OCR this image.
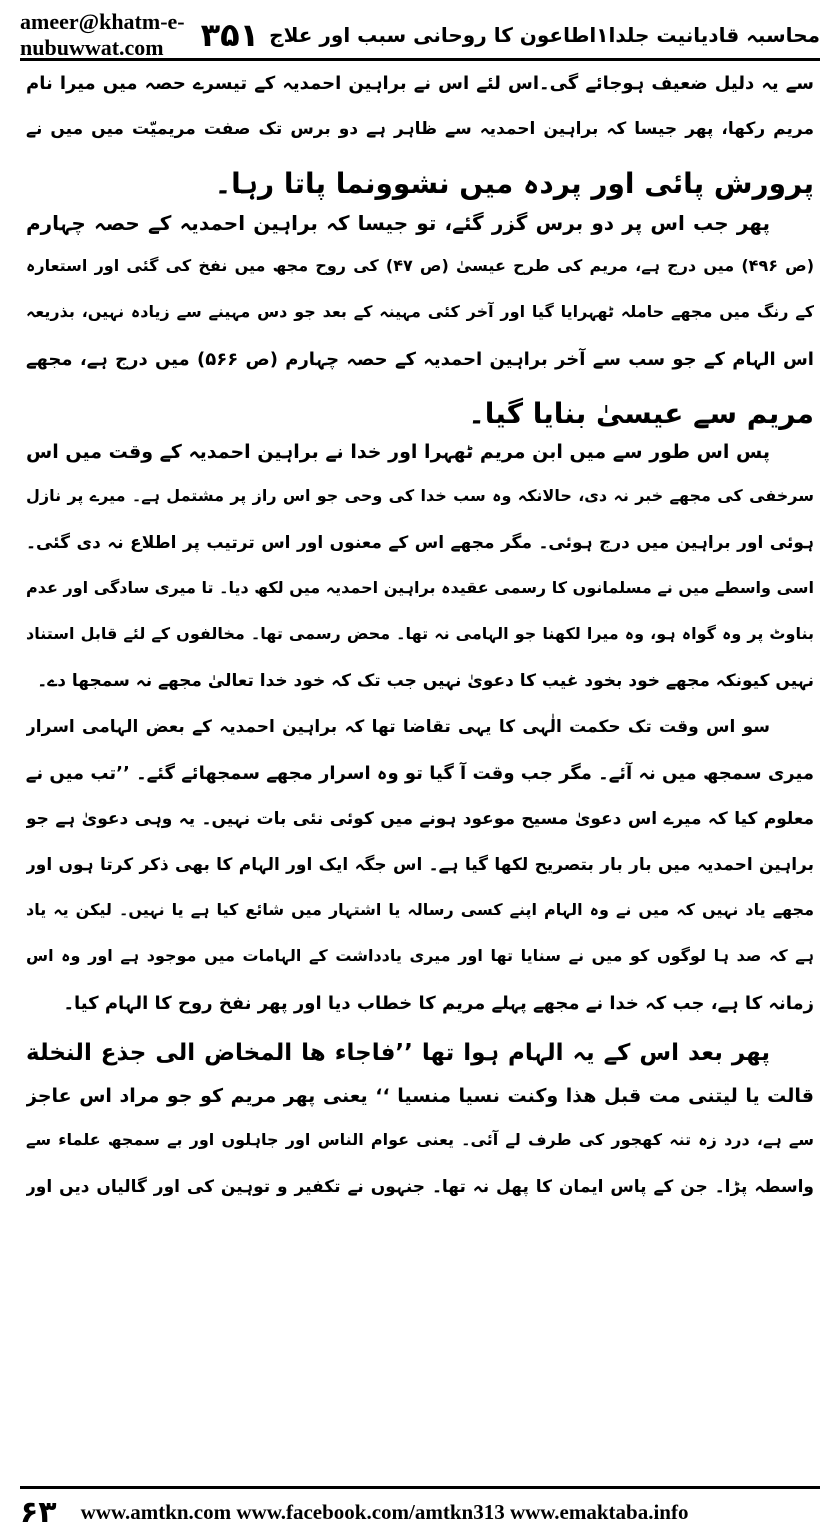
ameer@khatm-e-nubuwwat.com	محاسبہ قادیانیت جلدا۱اطاعون کا روحانی سبب اور علاج
۳۵۱
سے یہ دلیل ضعیف ہوجائے گی۔اس لئے اس نے براہین احمدیہ کے تیسرے حصہ میں میرا نام
مریم رکھا، پھر جیسا کہ براہین احمدیہ سے ظاہر ہے دو برس تک صفت مریمیّت میں میں نے
پرورش پائی اور پردہ میں نشوونما پاتا رہا۔
پھر جب اس پر دو برس گزر گئے، تو جیسا کہ براہین احمدیہ کے حصہ چہارم
(ص ۴۹۶) میں درج ہے، مریم کی طرح عیسیٰ (ص ۴۷) کی روح مجھ میں نفخ کی گئی اور استعارہ
کے رنگ میں مجھے حاملہ ٹھہرایا گیا اور آخر کئی مہینہ کے بعد جو دس مہینے سے زیادہ نہیں، بذریعہ
اس الہام کے جو سب سے آخر براہین احمدیہ کے حصہ چہارم (ص ۵۶۶) میں درج ہے، مجھے
مریم سے عیسیٰ بنایا گیا۔
پس اس طور سے میں ابن مریم ٹھہرا اور خدا نے براہین احمدیہ کے وقت میں اس
سرخفی کی مجھے خبر نہ دی، حالانکہ وہ سب خدا کی وحی جو اس راز پر مشتمل ہے۔ میرے پر نازل
ہوئی اور براہین میں درج ہوئی۔ مگر مجھے اس کے معنوں اور اس ترتیب پر اطلاع نہ دی گئی۔
اسی واسطے میں نے مسلمانوں کا رسمی عقیدہ براہین احمدیہ میں لکھ دیا۔ تا میری سادگی اور عدم
بناوٹ پر وہ گواہ ہو، وہ میرا لکھنا جو الہامی نہ تھا۔ محض رسمی تھا۔ مخالفوں کے لئے قابل استناد
نہیں کیونکہ مجھے خود بخود غیب کا دعویٰ نہیں جب تک کہ خود خدا تعالیٰ مجھے نہ سمجھا دے۔
سو اس وقت تک حکمت الٰہی کا یہی تقاضا تھا کہ براہین احمدیہ کے بعض الہامی اسرار
میری سمجھ میں نہ آئے۔ مگر جب وقت آ گیا تو وہ اسرار مجھے سمجھائے گئے۔ ’’تب میں نے
معلوم کیا کہ میرے اس دعویٰ مسیح موعود ہونے میں کوئی نئی بات نہیں۔ یہ وہی دعویٰ ہے جو
براہین احمدیہ میں بار بار بتصریح لکھا گیا ہے۔ اس جگہ ایک اور الہام کا بھی ذکر کرتا ہوں اور
مجھے یاد نہیں کہ میں نے وہ الہام اپنے کسی رسالہ یا اشتہار میں شائع کیا ہے یا نہیں۔ لیکن یہ یاد
ہے کہ صد ہا لوگوں کو میں نے سنایا تھا اور میری یادداشت کے الہامات میں موجود ہے اور وہ اس
زمانہ کا ہے، جب کہ خدا نے مجھے پہلے مریم کا خطاب دیا اور پھر نفخ روح کا الہام کیا۔
پھر بعد اس کے یہ الہام ہوا تھا ’’فاجاء ھا المخاض الی جذع النخلة
قالت یا لیتنی مت قبل ھذا وکنت نسیا منسیا ‘‘ یعنی پھر مریم کو جو مراد اس عاجز
سے ہے، درد زہ تنہ کھجور کی طرف لے آئی۔ یعنی عوام الناس اور جاہلوں اور بے سمجھ علماء سے
واسطہ پڑا۔ جن کے پاس ایمان کا پھل نہ تھا۔ جنہوں نے تکفیر و توہین کی اور گالیاں دیں اور
۶۳ www.amtkn.com www.facebook.com/amtkn313 www.emaktaba.info
